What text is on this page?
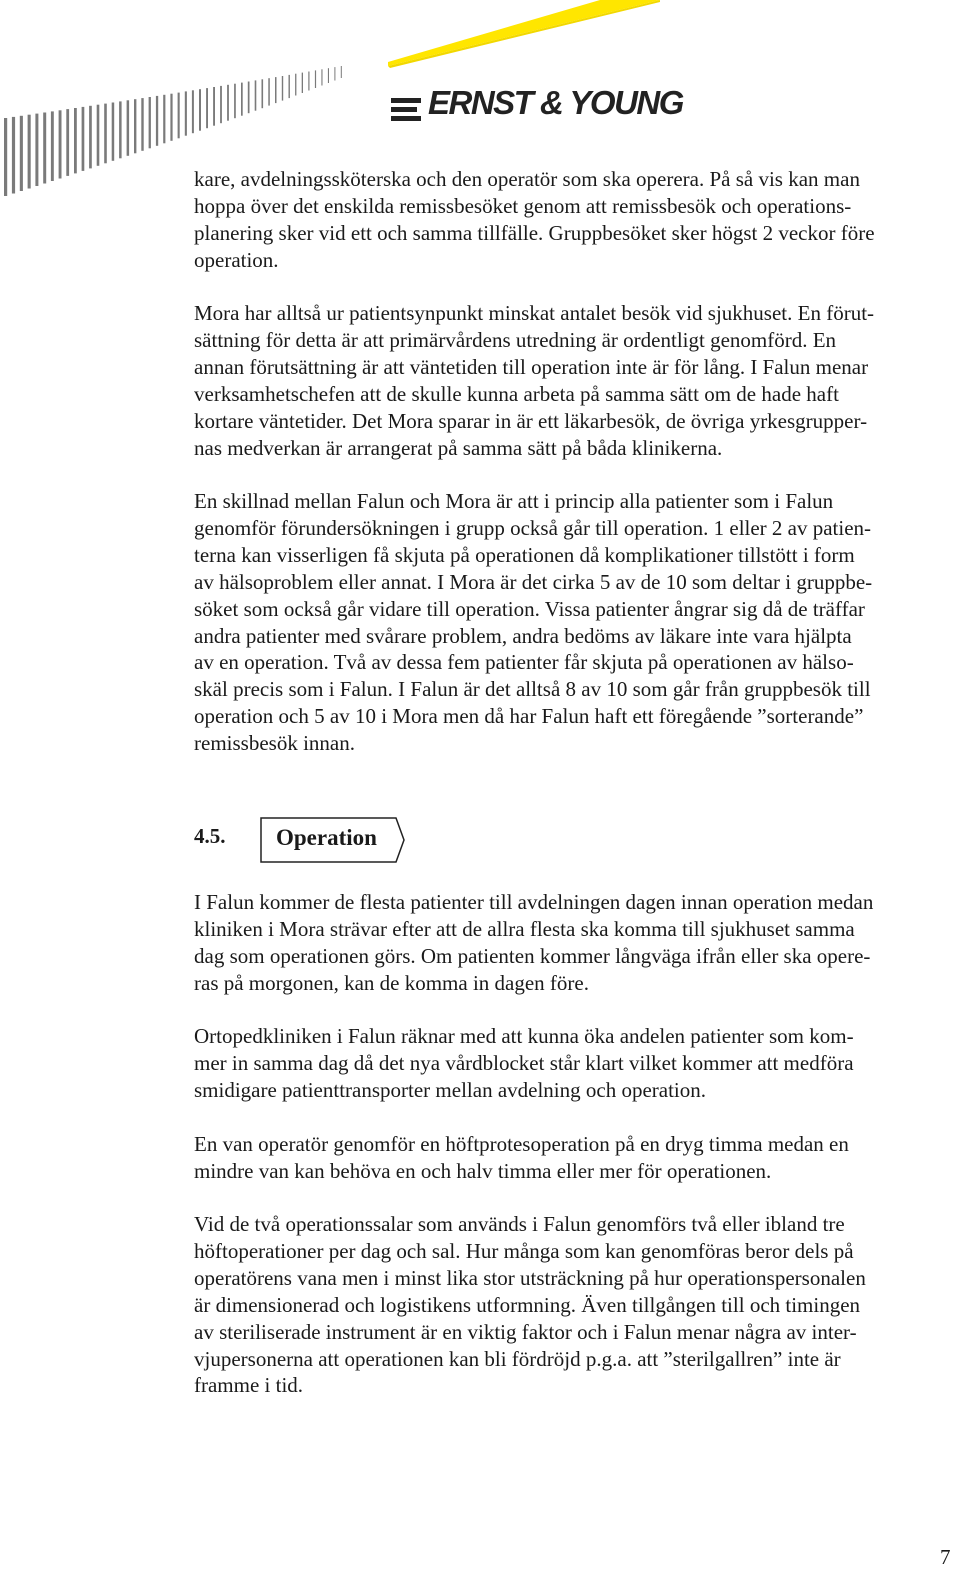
ERNST & YOUNG
kare, avdelningssköterska och den operatör som ska operera. På så vis kan man
hoppa över det enskilda remissbesöket genom att remissbesök och operations-
planering sker vid ett och samma tillfälle. Gruppbesöket sker högst 2 veckor före
operation.
Mora har alltså ur patientsynpunkt minskat antalet besök vid sjukhuset. En förut-
sättning för detta är att primärvårdens utredning är ordentligt genomförd. En
annan förutsättning är att väntetiden till operation inte är för lång. I Falun menar
verksamhetschefen att de skulle kunna arbeta på samma sätt om de hade haft
kortare väntetider. Det Mora sparar in är ett läkarbesök, de övriga yrkesgrupper-
nas medverkan är arrangerat på samma sätt på båda klinikerna.
En skillnad mellan Falun och Mora är att i princip alla patienter som i Falun
genomför förundersökningen i grupp också går till operation. 1 eller 2 av patien-
terna kan visserligen få skjuta på operationen då komplikationer tillstött i form
av hälsoproblem eller annat. I Mora är det cirka 5 av de 10 som deltar i gruppbe-
söket som också går vidare till operation. Vissa patienter ångrar sig då de träffar
andra patienter med svårare problem, andra bedöms av läkare inte vara hjälpta
av en operation. Två av dessa fem patienter får skjuta på operationen av hälso-
skäl precis som i Falun. I Falun är det alltså 8 av 10 som går från gruppbesök till
operation och 5 av 10 i Mora men då har Falun haft ett föregående ”sorterande”
remissbesök innan.
4.5. Operation
I Falun kommer de flesta patienter till avdelningen dagen innan operation medan
kliniken i Mora strävar efter att de allra flesta ska komma till sjukhuset samma
dag som operationen görs. Om patienten kommer långväga ifrån eller ska opere-
ras på morgonen, kan de komma in dagen före.
Ortopedkliniken i Falun räknar med att kunna öka andelen patienter som kom-
mer in samma dag då det nya vårdblocket står klart vilket kommer att medföra
smidigare patienttransporter mellan avdelning och operation.
En van operatör genomför en höftprotesoperation på en dryg timma medan en
mindre van kan behöva en och halv timma eller mer för operationen.
Vid de två operationssalar som används i Falun genomförs två eller ibland tre
höftoperationer per dag och sal. Hur många som kan genomföras beror dels på
operatörens vana men i minst lika stor utsträckning på hur operationspersonalen
är dimensionerad och logistikens utformning. Även tillgången till och timingen
av steriliserade instrument är en viktig faktor och i Falun menar några av inter-
vjupersonerna att operationen kan bli fördröjd p.g.a. att ”sterilgallren” inte är
framme i tid.
7
